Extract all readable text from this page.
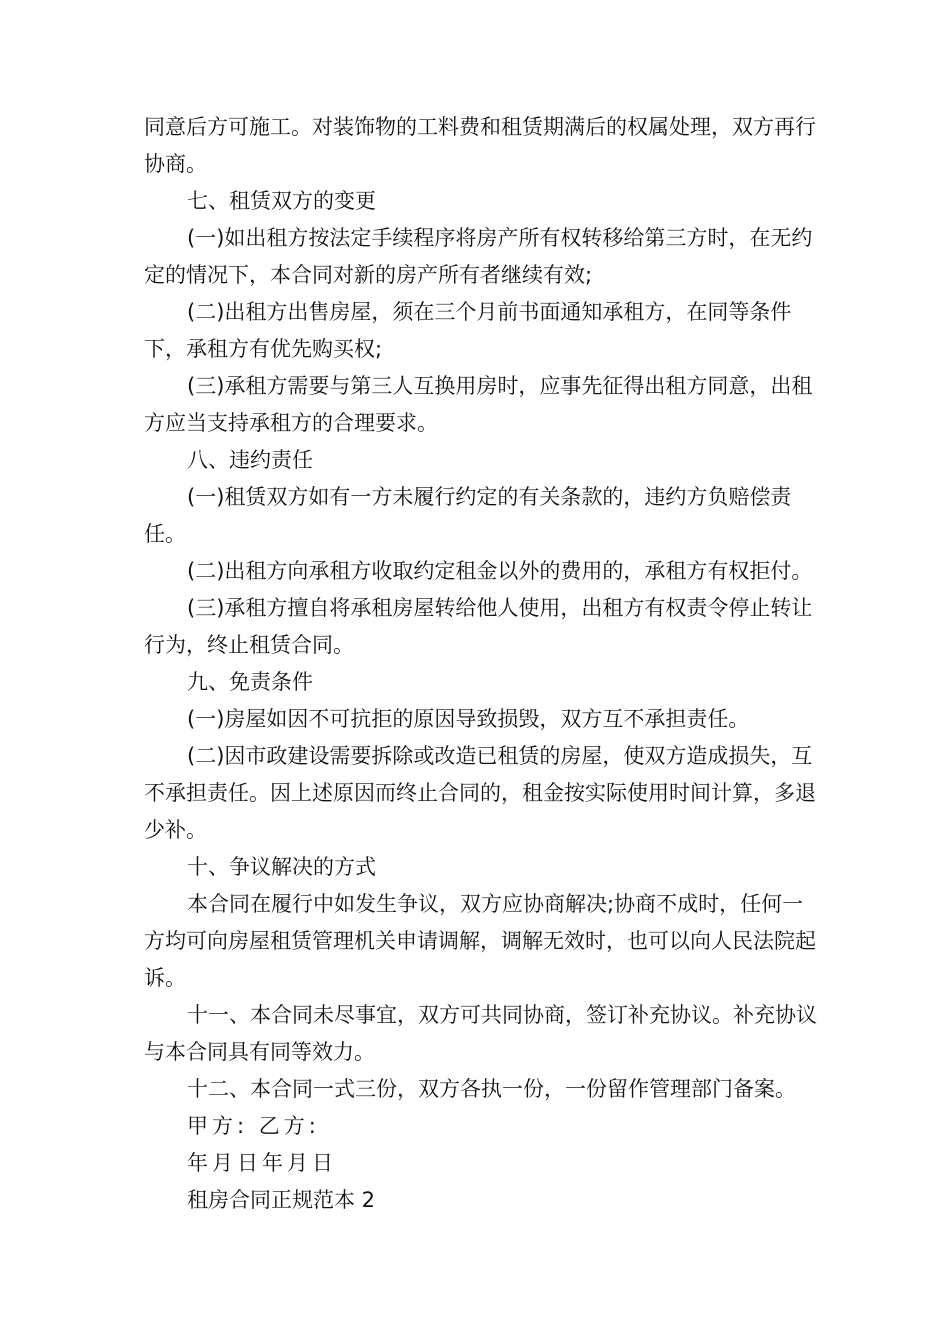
同意后方可施工。对装饰物的工料费和租赁期满后的权属处理，双方再行协商。

七、租赁双方的变更

(一)如出租方按法定手续程序将房产所有权转移给第三方时，在无约定的情况下，本合同对新的房产所有者继续有效;

(二)出租方出售房屋，须在三个月前书面通知承租方，在同等条件下，承租方有优先购买权;

(三)承租方需要与第三人互换用房时，应事先征得出租方同意，出租方应当支持承租方的合理要求。

八、违约责任

(一)租赁双方如有一方未履行约定的有关条款的，违约方负赔偿责任。

(二)出租方向承租方收取约定租金以外的费用的，承租方有权拒付。

(三)承租方擅自将承租房屋转给他人使用，出租方有权责令停止转让行为，终止租赁合同。

九、免责条件

(一)房屋如因不可抗拒的原因导致损毁，双方互不承担责任。

(二)因市政建设需要拆除或改造已租赁的房屋，使双方造成损失，互不承担责任。因上述原因而终止合同的，租金按实际使用时间计算，多退少补。

十、争议解决的方式

本合同在履行中如发生争议，双方应协商解决;协商不成时，任何一方均可向房屋租赁管理机关申请调解，调解无效时，也可以向人民法院起诉。

十一、本合同未尽事宜，双方可共同协商，签订补充协议。补充协议与本合同具有同等效力。

十二、本合同一式三份，双方各执一份，一份留作管理部门备案。

甲方: 乙方:

年月日年月日

租房合同正规范本 2
